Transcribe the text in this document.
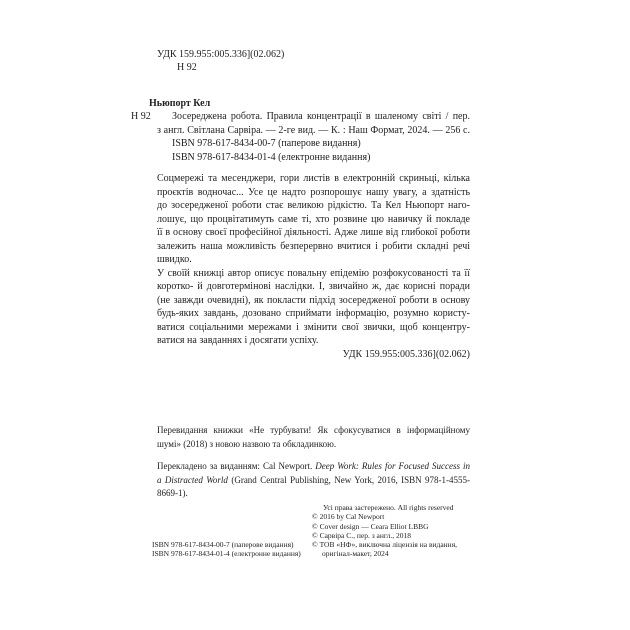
УДК 159.955:005.336](02.062)
Н 92
Ньюпорт Кел
Н 92 Зосереджена робота. Правила концентрації в шаленому світі / пер.
з англ. Світлана Сарвіра. — 2-ге вид. — К. : Наш Формат, 2024. — 256 с.
ISBN 978-617-8434-00-7 (паперове видання)
ISBN 978-617-8434-01-4 (електронне видання)
Соцмережі та месенджери, гори листів в електронній скриньці, кілька
проєктів водночас... Усе це надто розпорошує нашу увагу, а здатність
до зосередженої роботи стає великою рідкістю. Та Кел Ньюпорт наго-
лошує, що процвітатимуть саме ті, хто розвине цю навичку й покладе
її в основу своєї професійної діяльності. Адже лише від глибокої роботи
залежить наша можливість безперервно вчитися і робити складні речі
швидко.
У своїй книжці автор описує повальну епідемію розфокусованості та її
коротко- й довготермінові наслідки. І, звичайно ж, дає корисні поради
(не завжди очевидні), як покласти підхід зосередженої роботи в основу
будь-яких завдань, дозовано сприймати інформацію, розумно користу-
ватися соціальними мережами і змінити свої звички, щоб концентру-
ватися на завданнях і досягати успіху.
УДК 159.955:005.336](02.062)
Перевидання книжки «Не турбувати! Як сфокусуватися в інформаційному
шумі» (2018) з новою назвою та обкладинкою.
Перекладено за виданням: Cal Newport. Deep Work: Rules for Focused Success in
a Distracted World (Grand Central Publishing, New York, 2016, ISBN 978-1-4555-
8669-1).
ISBN 978-617-8434-00-7 (паперове видання)
ISBN 978-617-8434-01-4 (електронне видання)
Усі права застережено. All rights reserved
© 2016 by Cal Newport
© Cover design — Ceara Elliot LBBG
© Сарвіра С., пер. з англ., 2018
© ТОВ «НФ», виключна ліцензія на видання,
оригінал-макет, 2024
